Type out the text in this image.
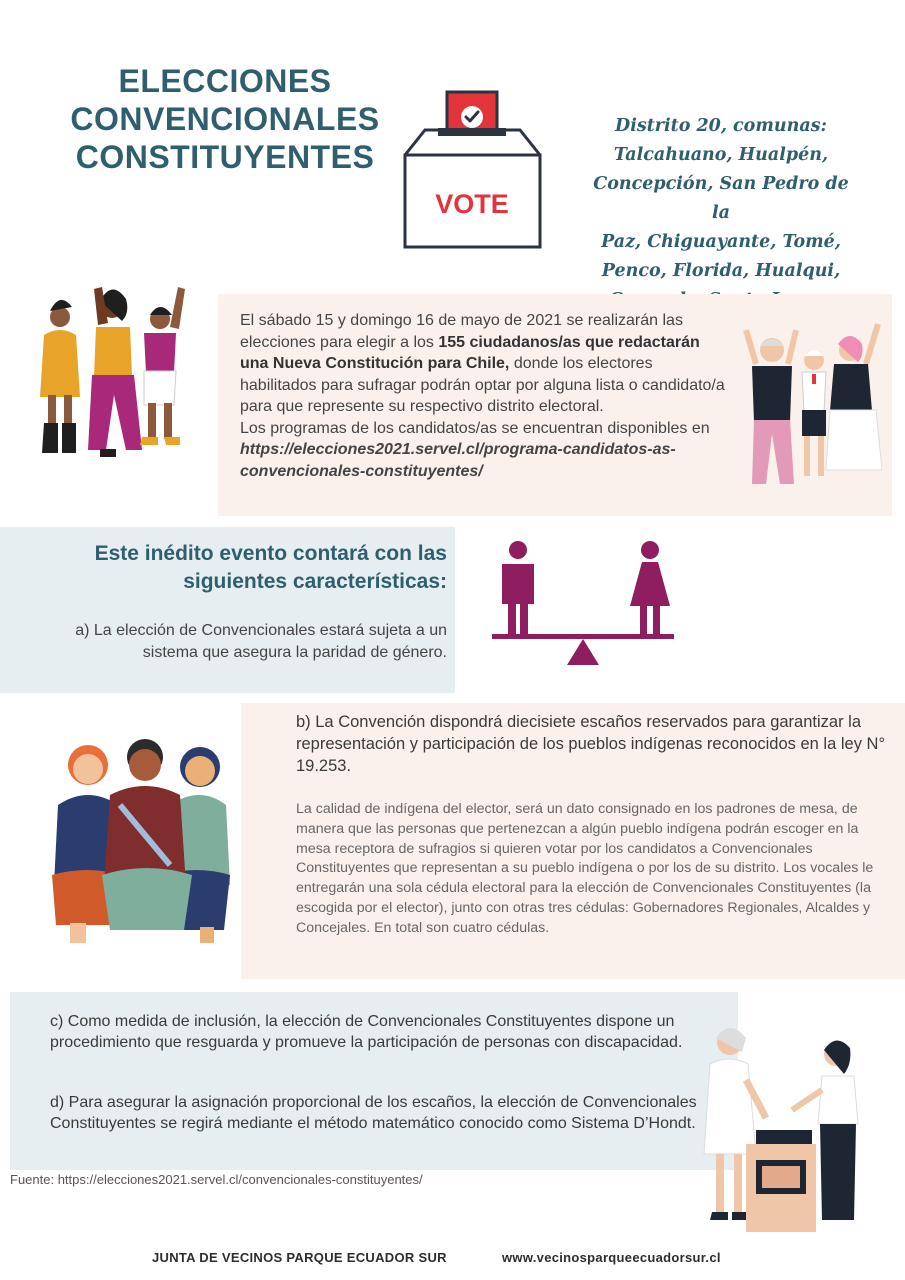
ELECCIONES
CONVENCIONALES
CONSTITUYENTES
VOTE
Distrito 20, comunas:
Talcahuano, Hualpén,
Concepción, San Pedro de la
Paz, Chiguayante, Tomé,
Penco, Florida, Hualqui,

El sábado 15 y domingo 16 de mayo de 2021 se realizarán las elecciones para elegir a los 155 ciudadanos/as que redactarán una Nueva Constitución para Chile, donde los electores habilitados para sufragar podrán optar por alguna lista o candidato/a para que represente su respectivo distrito electoral.

Los programas de los candidatos/as se encuentran disponibles en https://elecciones2021.servel.cl/programa-candidatos-as-convencionales-constituyentes/

Este inédito evento contará con las
siguientes características:
a) La elección de Convencionales estará sujeta a un
sistema que asegura la paridad de género.
b) La Convención dispondrá diecisiete escaños reservados para garantizar la representación y participación de los pueblos indígenas reconocidos en la ley N° 19.253.
La calidad de indígena del elector, será un dato consignado en los padrones de mesa, de manera que las personas que pertenezcan a algún pueblo indígena podrán escoger en la mesa receptora de sufragios si quieren votar por los candidatos a Convencionales Constituyentes que representan a su pueblo indígena o por los de su distrito. Los vocales le entregarán una sola cédula electoral para la elección de Convencionales Constituyentes (la escogida por el elector), junto con otras tres cédulas: Gobernadores Regionales, Alcaldes y Concejales. En total son cuatro cédulas.
c) Como medida de inclusión, la elección de Convencionales Constituyentes dispone un procedimiento que resguarda y promueve la participación de personas con discapacidad.
d) Para asegurar la asignación proporcional de los escaños, la elección de Convencionales Constituyentes se regirá mediante el método matemático conocido como Sistema D’Hondt.
Fuente: https://elecciones2021.servel.cl/convencionales-constituyentes/
JUNTA DE VECINOS PARQUE ECUADOR SUR	www.vecinosparqueecuadorsur.cl
